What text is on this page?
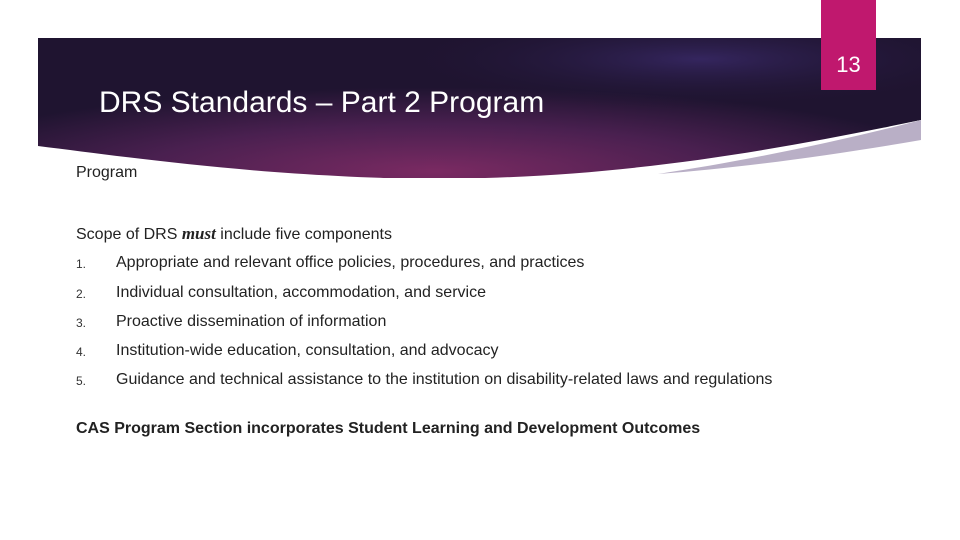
13
DRS Standards – Part 2 Program
Program
Scope of DRS must include five components
1. Appropriate and relevant office policies, procedures, and practices
2. Individual consultation, accommodation, and service
3. Proactive dissemination of information
4. Institution-wide education, consultation, and advocacy
5. Guidance and technical assistance to the institution on disability-related laws and regulations
CAS Program Section incorporates Student Learning and Development Outcomes
